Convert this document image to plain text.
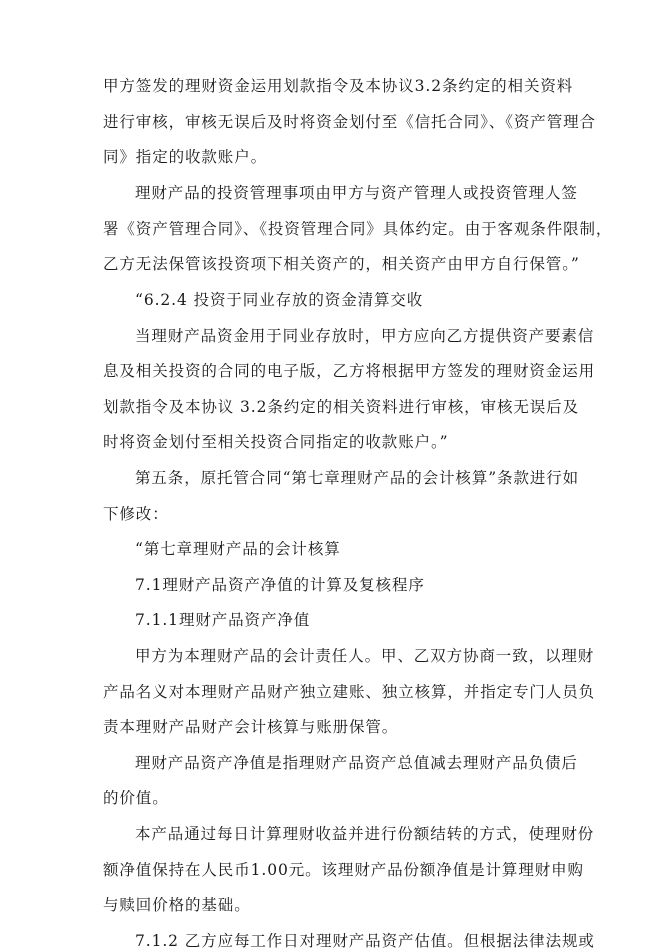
甲方签发的理财资金运用划款指令及本协议3.2条约定的相关资料
进行审核，审核无误后及时将资金划付至《信托合同》、《资产管理合
同》指定的收款账户。
理财产品的投资管理事项由甲方与资产管理人或投资管理人签
署《资产管理合同》、《投资管理合同》具体约定。由于客观条件限制，
乙方无法保管该投资项下相关资产的，相关资产由甲方自行保管。”
“6.2.4 投资于同业存放的资金清算交收
当理财产品资金用于同业存放时，甲方应向乙方提供资产要素信
息及相关投资的合同的电子版，乙方将根据甲方签发的理财资金运用
划款指令及本协议 3.2条约定的相关资料进行审核，审核无误后及
时将资金划付至相关投资合同指定的收款账户。”
第五条，原托管合同“第七章理财产品的会计核算”条款进行如
下修改：
“第七章理财产品的会计核算
7.1理财产品资产净值的计算及复核程序
7.1.1理财产品资产净值
甲方为本理财产品的会计责任人。甲、乙双方协商一致，以理财
产品名义对本理财产品财产独立建账、独立核算，并指定专门人员负
责本理财产品财产会计核算与账册保管。
理财产品资产净值是指理财产品资产总值减去理财产品负债后
的价值。
本产品通过每日计算理财收益并进行份额结转的方式，使理财份
额净值保持在人民币1.00元。该理财产品份额净值是计算理财申购
与赎回价格的基础。
7.1.2 乙方应每工作日对理财产品资产估值。但根据法律法规或
